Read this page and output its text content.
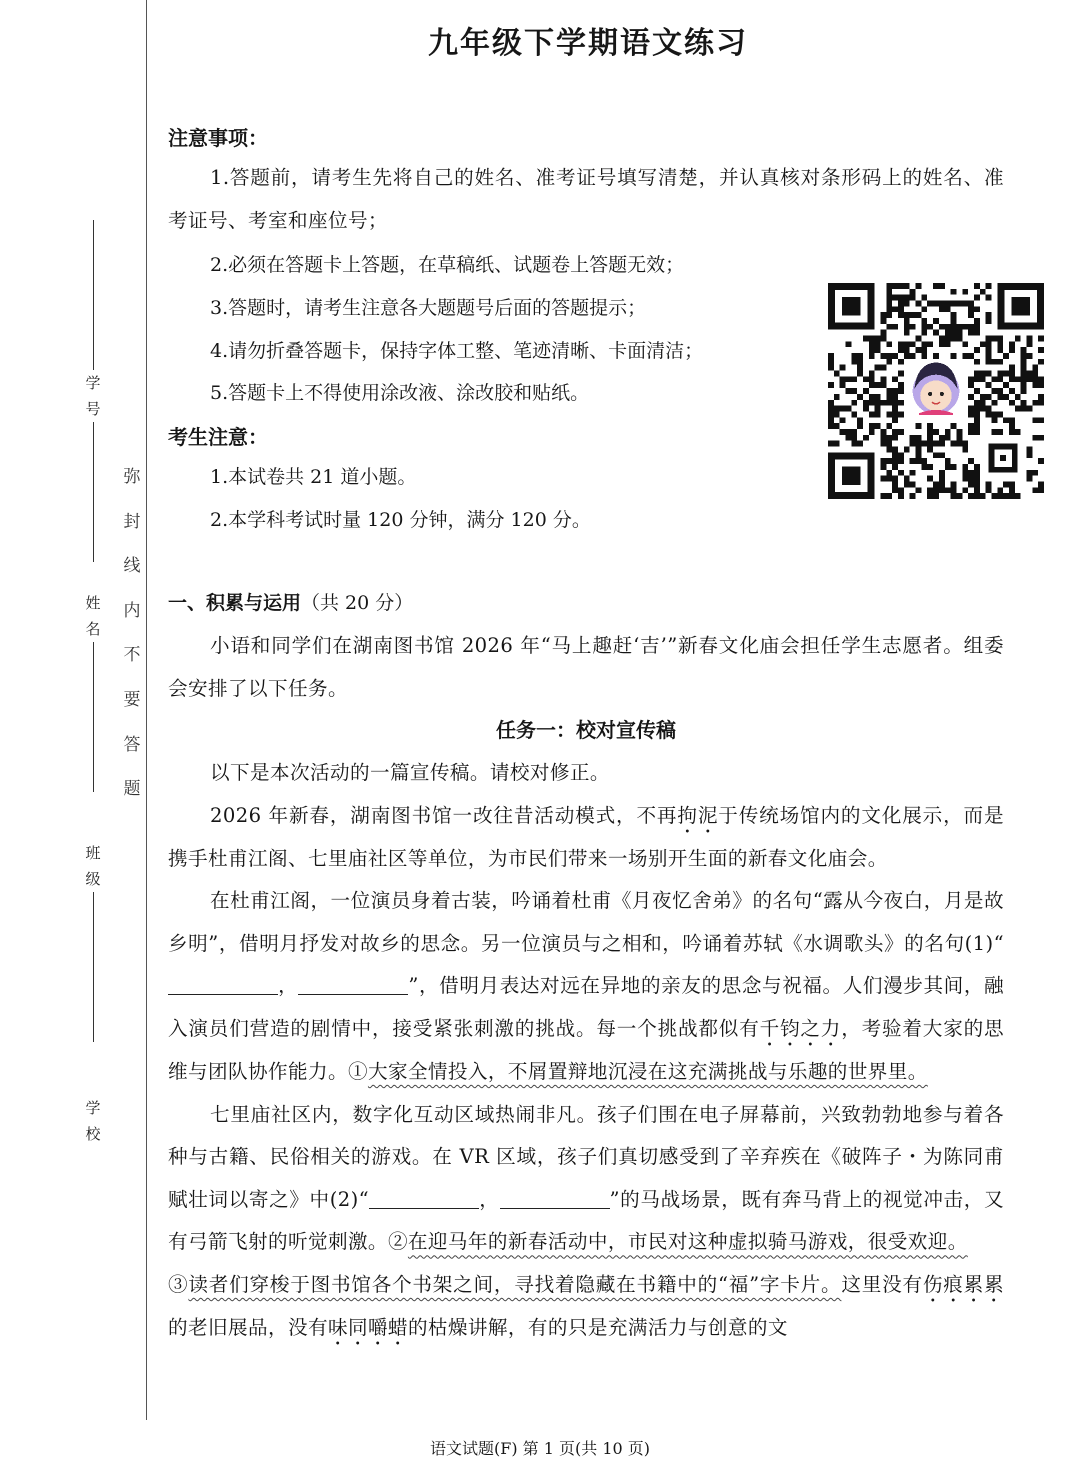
学号
姓名
班级
学校
弥封线内不要答题
九年级下学期语文练习
注意事项：

1.答题前，请考生先将自己的姓名、准考证号填写清楚，并认真核对条形码上的姓名、准考证号、考室和座位号；

2.必须在答题卡上答题，在草稿纸、试题卷上答题无效；
3.答题时，请考生注意各大题题号后面的答题提示；
4.请勿折叠答题卡，保持字体工整、笔迹清晰、卡面清洁；
5.答题卡上不得使用涂改液、涂改胶和贴纸。
考生注意：
1.本试卷共 21 道小题。
2.本学科考试时量 120 分钟，满分 120 分。
一、积累与运用（共 20 分）

小语和同学们在湖南图书馆 2026 年“马上趣赶‘吉’”新春文化庙会担任学生志愿者。组委会安排了以下任务。

任务一：校对宣传稿

以下是本次活动的一篇宣传稿。请校对修正。

2026 年新春，湖南图书馆一改往昔活动模式，不再拘泥于传统场馆内的文化展示，而是携手杜甫江阁、七里庙社区等单位，为市民们带来一场别开生面的新春文化庙会。

在杜甫江阁，一位演员身着古装，吟诵着杜甫《月夜忆舍弟》的名句“露从今夜白，月是故乡明”，借明月抒发对故乡的思念。另一位演员与之相和，吟诵着苏轼《水调歌头》的名句(1)“，	”，借明月表达对远在异地的亲友的思念与祝福。人们漫步其间，融入演员们营造的剧情中，接受紧张刺激的挑战。每一个挑战都似有千钧之力，考验着大家的思维与团队协作能力。①大家全情投入，不屑置辩地沉浸在这充满挑战与乐趣的世界里。

七里庙社区内，数字化互动区域热闹非凡。孩子们围在电子屏幕前，兴致勃勃地参与着各种与古籍、民俗相关的游戏。在 VR 区域，孩子们真切感受到了辛弃疾在《破阵子・为陈同甫赋壮词以寄之》中(2)“	，	”的马战场景，既有奔马背上的视觉冲击，又有弓箭飞射的听觉刺激。②在迎马年的新春活动中，市民对这种虚拟骑马游戏，很受欢迎。

③读者们穿梭于图书馆各个书架之间，寻找着隐藏在书籍中的“福”字卡片。这里没有伤痕累累的老旧展品，没有味同嚼蜡的枯燥讲解，有的只是充满活力与创意的文

语文试题(F) 第 1 页(共 10 页)
